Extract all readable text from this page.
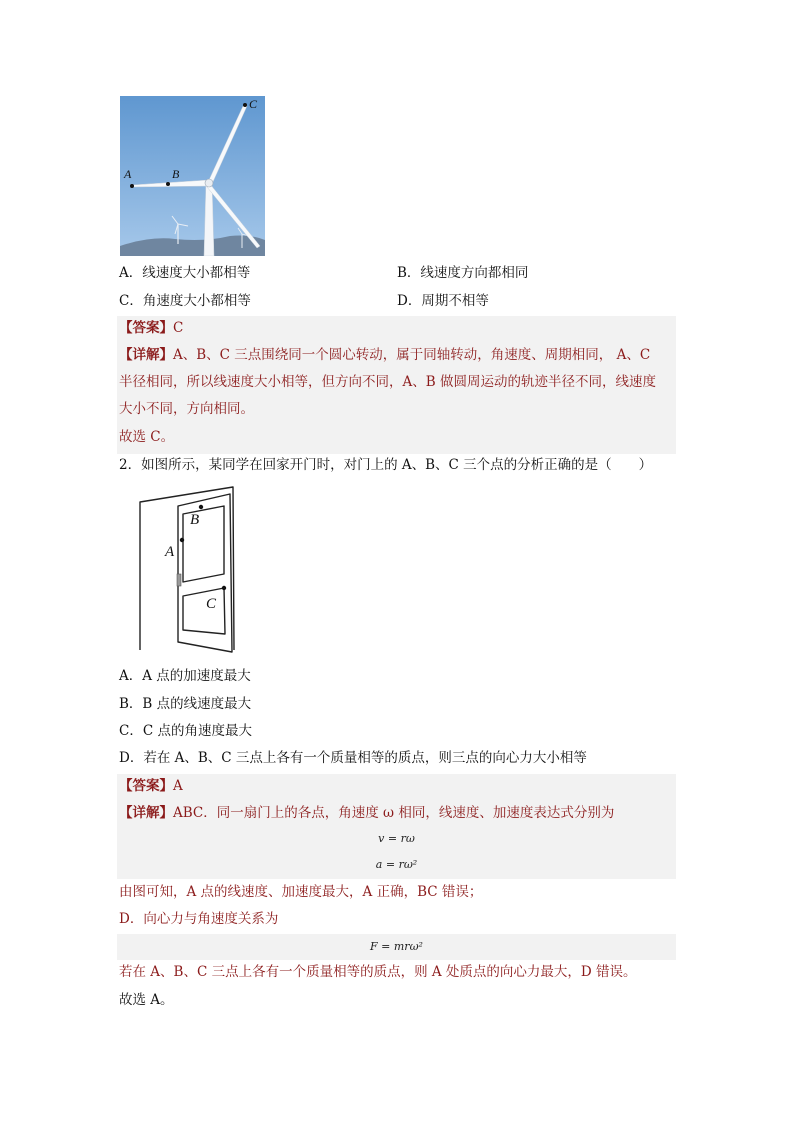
A	B
C
A．线速度大小都相等	B．线速度方向都相同
C．角速度大小都相等	D．周期不相等
【答案】C
【详解】A、B、C 三点围绕同一个圆心转动，属于同轴转动，角速度、周期相同， A、C
半径相同，所以线速度大小相等，但方向不同，A、B 做圆周运动的轨迹半径不同，线速度
大小不同，方向相同。
故选 C。
2．如图所示，某同学在回家开门时，对门上的 A、B、C 三个点的分析正确的是（　　）
B
A
C
A．A 点的加速度最大
B．B 点的线速度最大
C．C 点的角速度最大
D．若在 A、B、C 三点上各有一个质量相等的质点，则三点的向心力大小相等
【答案】A
【详解】ABC．同一扇门上的各点，角速度 ω 相同，线速度、加速度表达式分别为
v = rω
a = rω²
由图可知，A 点的线速度、加速度最大，A 正确，BC 错误；
D．向心力与角速度关系为
F = mrω²
若在 A、B、C 三点上各有一个质量相等的质点，则 A 处质点的向心力最大，D 错误。
故选 A。
